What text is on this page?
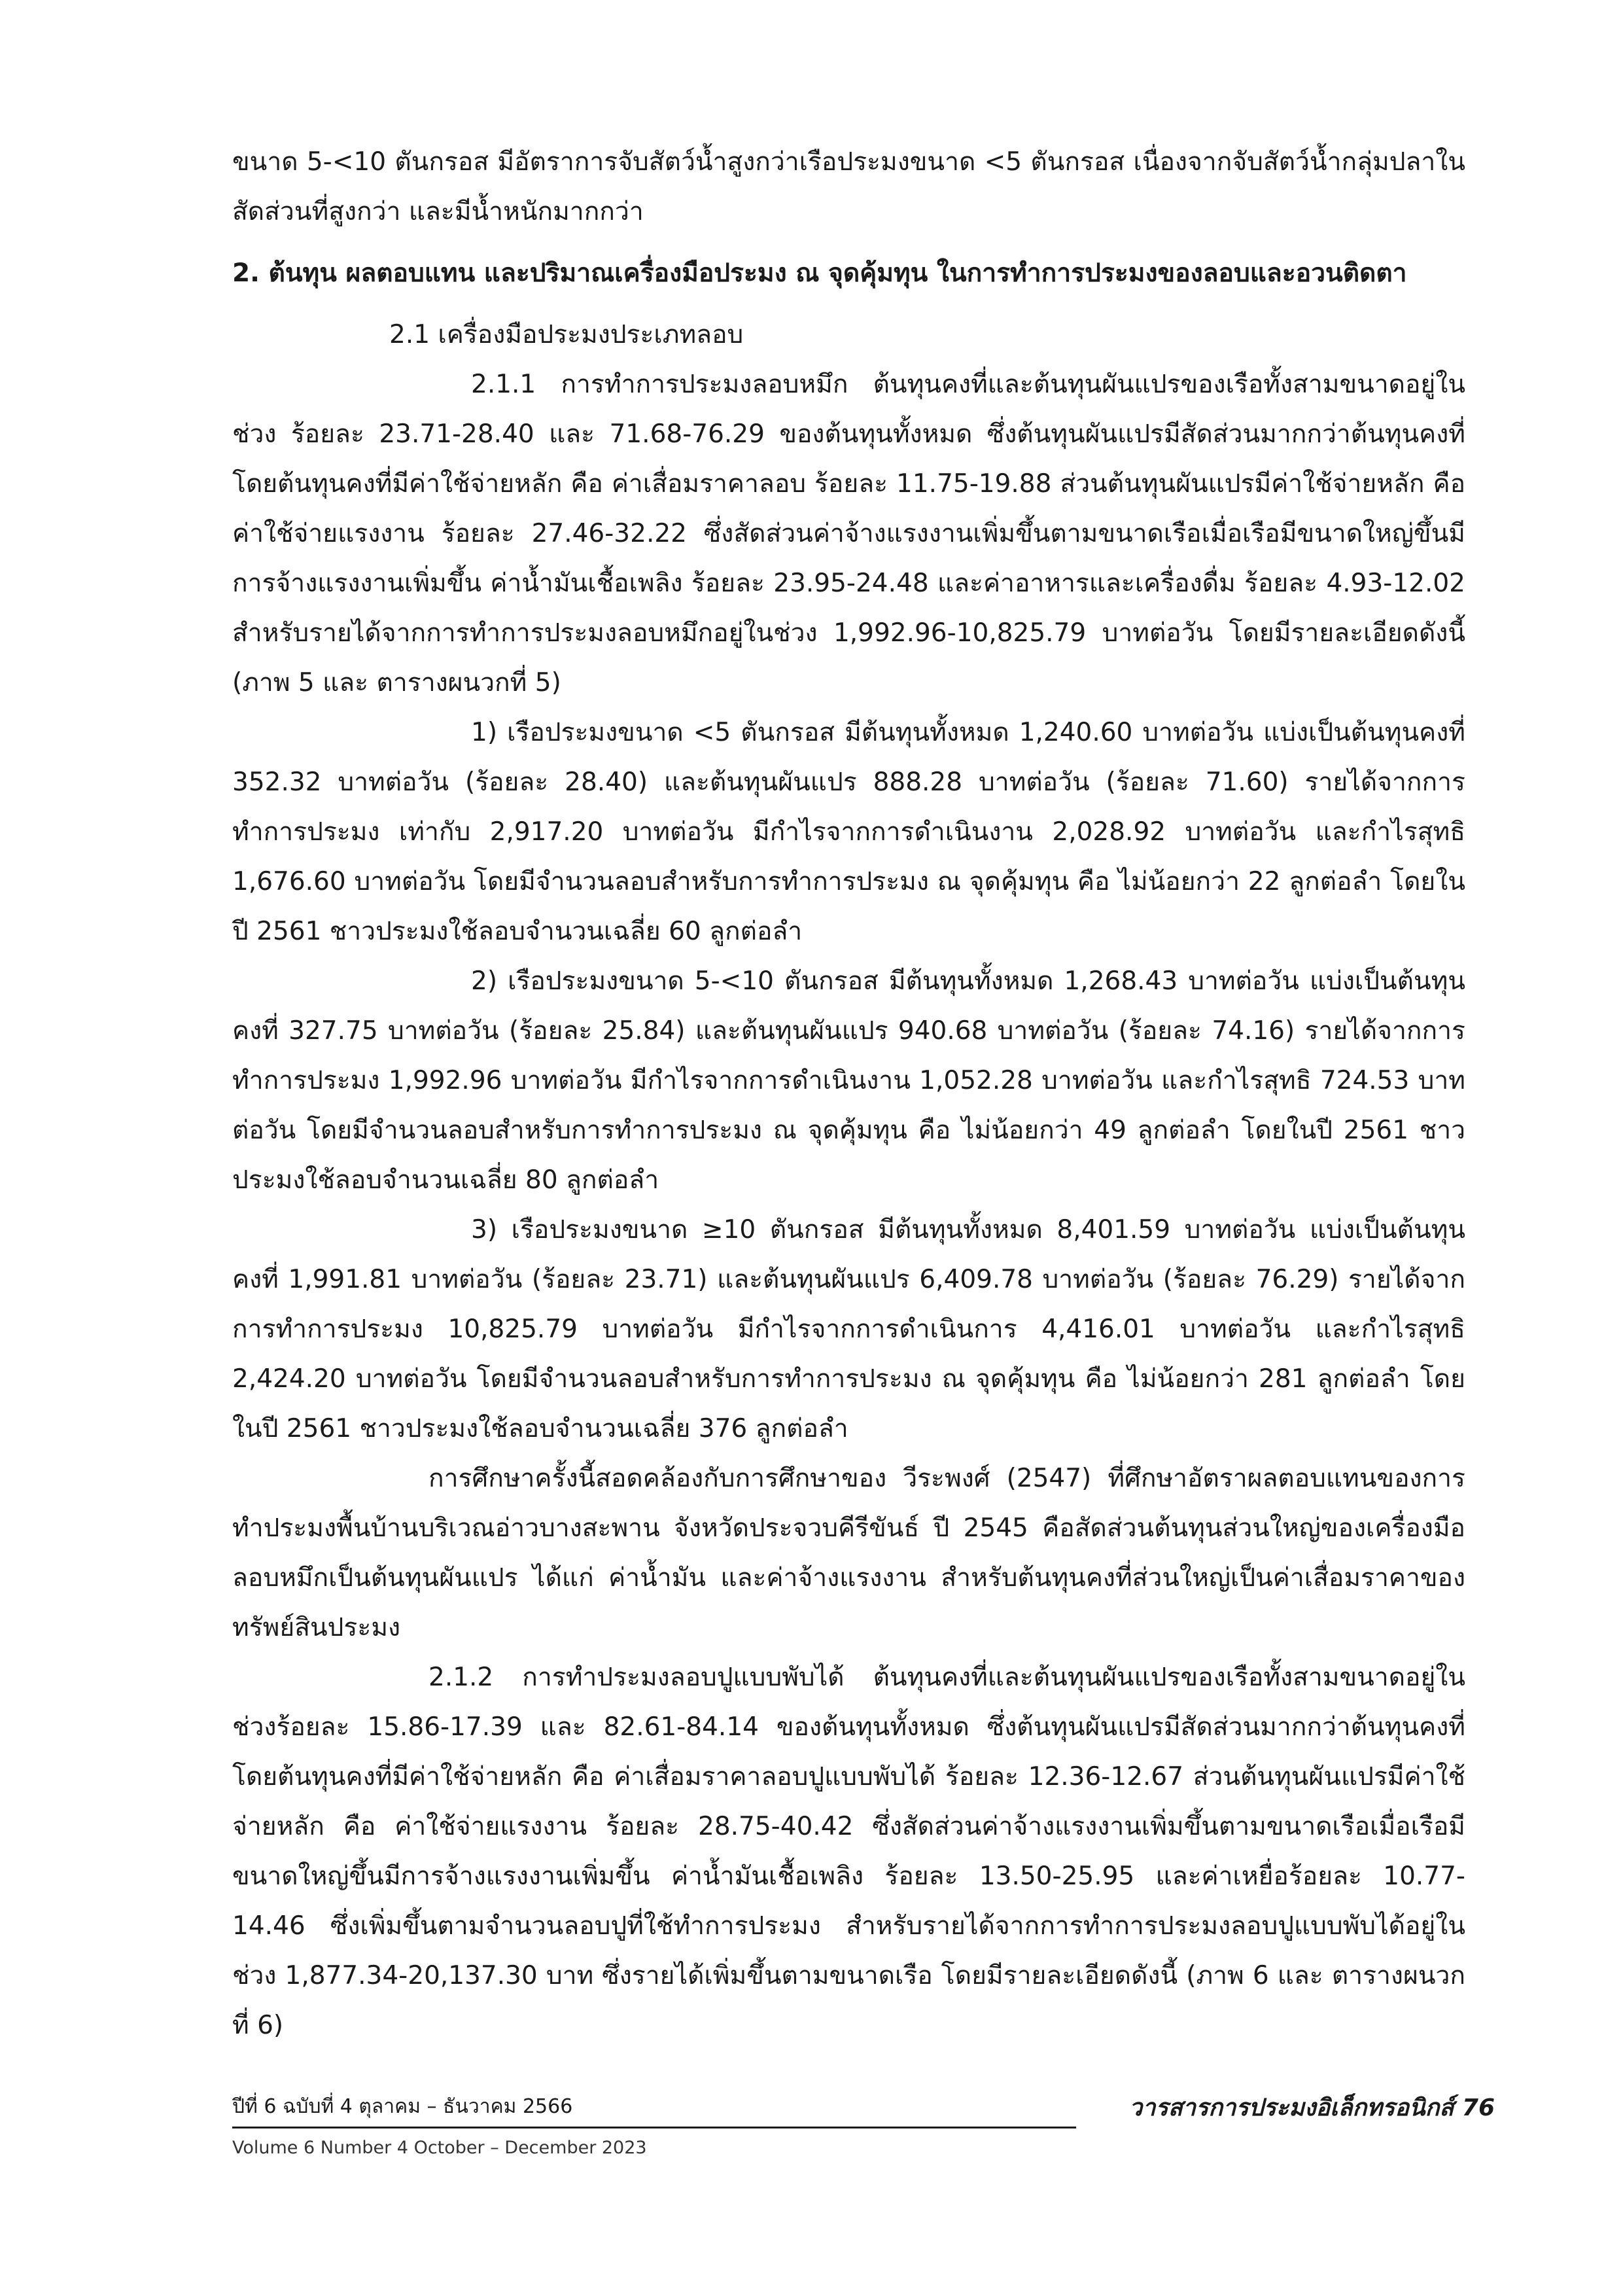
ขนาด 5-<10 ตันกรอส มีอัตราการจับสัตว์น้ำสูงกว่าเรือประมงขนาด <5 ตันกรอส เนื่องจากจับสัตว์น้ำกลุ่มปลาในสัดส่วนที่สูงกว่า และมีน้ำหนักมากกว่า

2. ต้นทุน ผลตอบแทน และปริมาณเครื่องมือประมง ณ จุดคุ้มทุน ในการทำการประมงของลอบและอวนติดตา

2.1 เครื่องมือประมงประเภทลอบ

2.1.1 การทำการประมงลอบหมึก ต้นทุนคงที่และต้นทุนผันแปรของเรือทั้งสามขนาดอยู่ในช่วง ร้อยละ 23.71-28.40 และ 71.68-76.29 ของต้นทุนทั้งหมด ซึ่งต้นทุนผันแปรมีสัดส่วนมากกว่าต้นทุนคงที่ โดยต้นทุนคงที่มีค่าใช้จ่ายหลัก คือ ค่าเสื่อมราคาลอบ ร้อยละ 11.75-19.88 ส่วนต้นทุนผันแปรมีค่าใช้จ่ายหลัก คือ ค่าใช้จ่ายแรงงาน ร้อยละ 27.46-32.22 ซึ่งสัดส่วนค่าจ้างแรงงานเพิ่มขึ้นตามขนาดเรือเมื่อเรือมีขนาดใหญ่ขึ้นมีการจ้างแรงงานเพิ่มขึ้น ค่าน้ำมันเชื้อเพลิง ร้อยละ 23.95-24.48 และค่าอาหารและเครื่องดื่ม ร้อยละ 4.93-12.02 สำหรับรายได้จากการทำการประมงลอบหมึกอยู่ในช่วง 1,992.96-10,825.79 บาทต่อวัน โดยมีรายละเอียดดังนี้ (ภาพ 5 และ ตารางผนวกที่ 5)

1) เรือประมงขนาด <5 ตันกรอส มีต้นทุนทั้งหมด 1,240.60 บาทต่อวัน แบ่งเป็นต้นทุนคงที่ 352.32 บาทต่อวัน (ร้อยละ 28.40) และต้นทุนผันแปร 888.28 บาทต่อวัน (ร้อยละ 71.60) รายได้จากการทำการประมง เท่ากับ 2,917.20 บาทต่อวัน มีกำไรจากการดำเนินงาน 2,028.92 บาทต่อวัน และกำไรสุทธิ 1,676.60 บาทต่อวัน โดยมีจำนวนลอบสำหรับการทำการประมง ณ จุดคุ้มทุน คือ ไม่น้อยกว่า 22 ลูกต่อลำ โดยในปี 2561 ชาวประมงใช้ลอบจำนวนเฉลี่ย 60 ลูกต่อลำ

2) เรือประมงขนาด 5-<10 ตันกรอส มีต้นทุนทั้งหมด 1,268.43 บาทต่อวัน แบ่งเป็นต้นทุนคงที่ 327.75 บาทต่อวัน (ร้อยละ 25.84) และต้นทุนผันแปร 940.68 บาทต่อวัน (ร้อยละ 74.16) รายได้จากการทำการประมง 1,992.96 บาทต่อวัน มีกำไรจากการดำเนินงาน 1,052.28 บาทต่อวัน และกำไรสุทธิ 724.53 บาทต่อวัน โดยมีจำนวนลอบสำหรับการทำการประมง ณ จุดคุ้มทุน คือ ไม่น้อยกว่า 49 ลูกต่อลำ โดยในปี 2561 ชาวประมงใช้ลอบจำนวนเฉลี่ย 80 ลูกต่อลำ

3) เรือประมงขนาด ≥10 ตันกรอส มีต้นทุนทั้งหมด 8,401.59 บาทต่อวัน แบ่งเป็นต้นทุนคงที่ 1,991.81 บาทต่อวัน (ร้อยละ 23.71) และต้นทุนผันแปร 6,409.78 บาทต่อวัน (ร้อยละ 76.29) รายได้จากการทำการประมง 10,825.79 บาทต่อวัน มีกำไรจากการดำเนินการ 4,416.01 บาทต่อวัน และกำไรสุทธิ 2,424.20 บาทต่อวัน โดยมีจำนวนลอบสำหรับการทำการประมง ณ จุดคุ้มทุน คือ ไม่น้อยกว่า 281 ลูกต่อลำ โดยในปี 2561 ชาวประมงใช้ลอบจำนวนเฉลี่ย 376 ลูกต่อลำ

การศึกษาครั้งนี้สอดคล้องกับการศึกษาของ วีระพงศ์ (2547) ที่ศึกษาอัตราผลตอบแทนของการทำประมงพื้นบ้านบริเวณอ่าวบางสะพาน จังหวัดประจวบคีรีขันธ์ ปี 2545 คือสัดส่วนต้นทุนส่วนใหญ่ของเครื่องมือลอบหมึกเป็นต้นทุนผันแปร ได้แก่ ค่าน้ำมัน และค่าจ้างแรงงาน สำหรับต้นทุนคงที่ส่วนใหญ่เป็นค่าเสื่อมราคาของทรัพย์สินประมง

2.1.2 การทำประมงลอบปูแบบพับได้ ต้นทุนคงที่และต้นทุนผันแปรของเรือทั้งสามขนาดอยู่ในช่วงร้อยละ 15.86-17.39 และ 82.61-84.14 ของต้นทุนทั้งหมด ซึ่งต้นทุนผันแปรมีสัดส่วนมากกว่าต้นทุนคงที่ โดยต้นทุนคงที่มีค่าใช้จ่ายหลัก คือ ค่าเสื่อมราคาลอบปูแบบพับได้ ร้อยละ 12.36-12.67 ส่วนต้นทุนผันแปรมีค่าใช้จ่ายหลัก คือ ค่าใช้จ่ายแรงงาน ร้อยละ 28.75-40.42 ซึ่งสัดส่วนค่าจ้างแรงงานเพิ่มขึ้นตามขนาดเรือเมื่อเรือมีขนาดใหญ่ขึ้นมีการจ้างแรงงานเพิ่มขึ้น ค่าน้ำมันเชื้อเพลิง ร้อยละ 13.50-25.95 และค่าเหยื่อร้อยละ 10.77-14.46 ซึ่งเพิ่มขึ้นตามจำนวนลอบปูที่ใช้ทำการประมง สำหรับรายได้จากการทำการประมงลอบปูแบบพับได้อยู่ในช่วง 1,877.34-20,137.30 บาท ซึ่งรายได้เพิ่มขึ้นตามขนาดเรือ โดยมีรายละเอียดดังนี้ (ภาพ 6 และ ตารางผนวกที่ 6)

ปีที่ 6 ฉบับที่ 4 ตุลาคม – ธันวาคม 2566	วารสารการประมงอิเล็กทรอนิกส์ 76
Volume 6 Number 4 October – December 2023
